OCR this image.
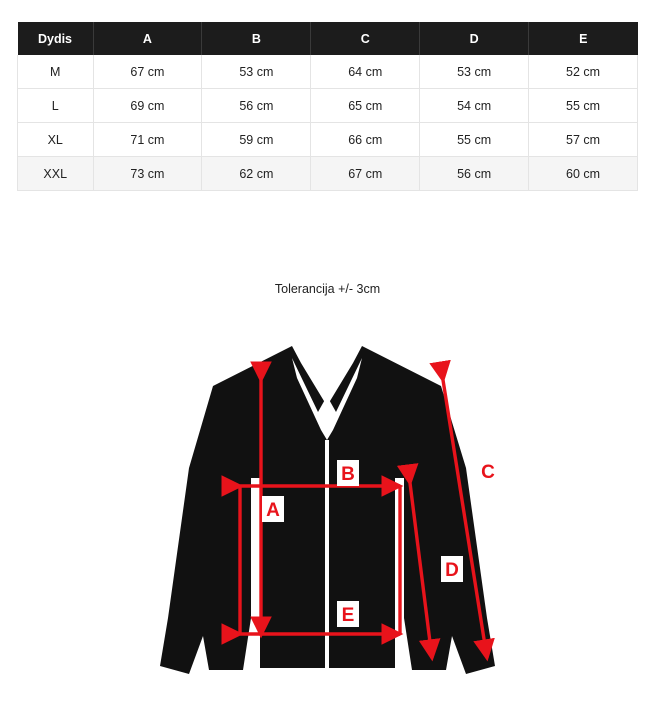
Dydis	A	B	C	D	E
M	67 cm	53 cm	64 cm	53 cm	52 cm
L	69 cm	56 cm	65 cm	54 cm	55 cm
XL	71 cm	59 cm	66 cm	55 cm	57 cm
XXL	73 cm	62 cm	67 cm	56 cm	60 cm
Tolerancija +/- 3cm
A
B	C
D
E
